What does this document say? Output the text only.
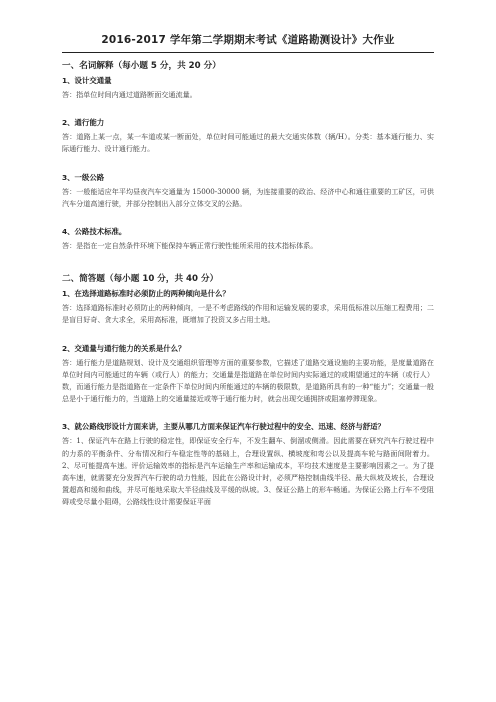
2016-2017 学年第二学期期末考试《道路勘测设计》大作业
一、名词解释（每小题 5 分，共 20 分）
1、设计交通量

答：指单位时间内通过道路断面交通流量。

2、通行能力

答：道路上某一点，某一车道或某一断面处，单位时间可能通过的最大交通实体数（辆/H）。分类：基本通行能力、实际通行能力、设计通行能力。

3、一级公路

答：一般能适应年平均昼夜汽车交通量为 15000-30000 辆，为连接重要的政治、经济中心和通往重要的工矿区，可供汽车分道高速行驶，并部分控制出入部分立体交叉的公路。

4、公路技术标准。

答：是指在一定自然条件环境下能保持车辆正常行驶性能所采用的技术指标体系。

二、简答题（每小题 10 分，共 40 分）
1、在选择道路标准时必须防止的两种倾向是什么？

答：选择道路标准时必须防止的两种倾向，一是不考虑路线的作用和运输发展的要求，采用低标准以压缩工程费用；二是盲目好奇、贪大求全，采用高标准，既增加了投资又多占用土地。

2、交通量与通行能力的关系是什么？

答：通行能力是道路规划、设计及交通组织管理等方面的重要参数，它描述了道路交通设施的主要功能，是度量道路在单位时间内可能通过的车辆（或行人）的能力；交通量是指道路在单位时间内实际通过的或期望通过的车辆（或行人）数，而通行能力是指道路在一定条件下单位时间内所能通过的车辆的极限数，是道路所具有的一种“能力”；交通量一般总是小于通行能力的，当道路上的交通量接近或等于通行能力时，就会出现交通拥挤或阻塞停滞现象。

3、就公路线形设计方面来讲，主要从哪几方面来保证汽车行驶过程中的安全、迅速、经济与舒适？

答：1、保证汽车在路上行驶的稳定性，即保证安全行车，不发生翻车、倒溜或侧滑。因此需要在研究汽车行驶过程中的力系的平衡条件、分布情况和行车稳定性等的基础上，合理设置纵、横坡度和弯公以及提高车轮与路面间附着力。2、尽可能提高车速。评价运输效率的指标是汽车运输生产率和运输成本，平均技术速度是主要影响因素之一。为了提高车速，就需要充分发挥汽车行驶的动力性能，因此在公路设计时，必须严格控制曲线半径、最大纵坡及坡长，合理设置超高和缓和曲线，并尽可能地采取大半径曲线及平缓的纵坡。3、保证公路上的形车畅通。为保证公路上行车不受阻碍或受尽量小阻碍，公路线性设计需要保证平面
